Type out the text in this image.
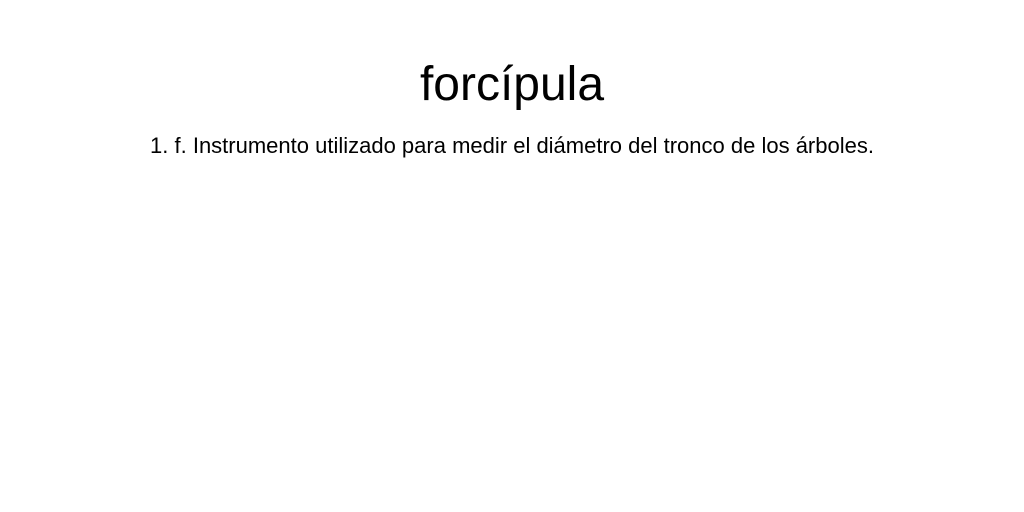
forcípula

1. f. Instrumento utilizado para medir el diámetro del tronco de los árboles.
